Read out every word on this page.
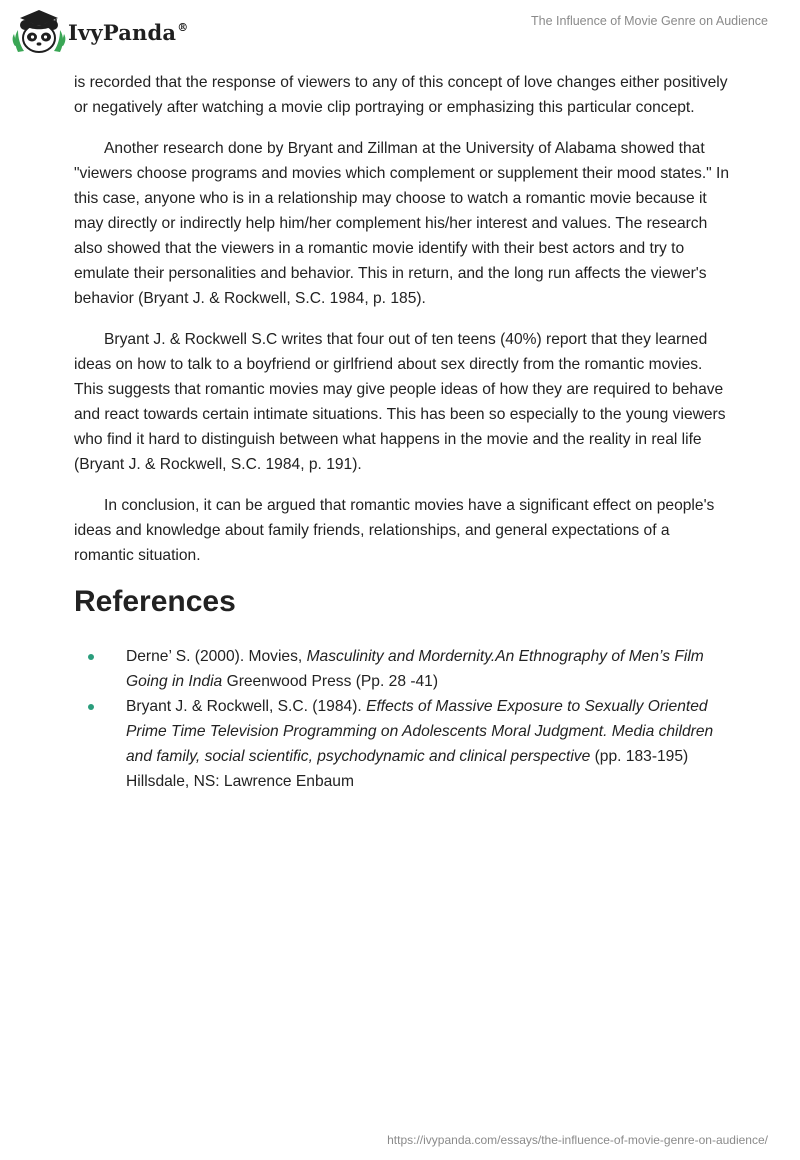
IvyPanda®	The Influence of Movie Genre on Audience

is recorded that the response of viewers to any of this concept of love changes either positively or negatively after watching a movie clip portraying or emphasizing this particular concept.

Another research done by Bryant and Zillman at the University of Alabama showed that "viewers choose programs and movies which complement or supplement their mood states." In this case, anyone who is in a relationship may choose to watch a romantic movie because it may directly or indirectly help him/her complement his/her interest and values. The research also showed that the viewers in a romantic movie identify with their best actors and try to emulate their personalities and behavior. This in return, and the long run affects the viewer's behavior (Bryant J. & Rockwell, S.C. 1984, p. 185).

Bryant J. & Rockwell S.C writes that four out of ten teens (40%) report that they learned ideas on how to talk to a boyfriend or girlfriend about sex directly from the romantic movies. This suggests that romantic movies may give people ideas of how they are required to behave and react towards certain intimate situations. This has been so especially to the young viewers who find it hard to distinguish between what happens in the movie and the reality in real life (Bryant J. & Rockwell, S.C. 1984, p. 191).

In conclusion, it can be argued that romantic movies have a significant effect on people's ideas and knowledge about family friends, relationships, and general expectations of a romantic situation.

References
Derne’ S. (2000). Movies, Masculinity and Mordernity.An Ethnography of Men’s Film Going in India Greenwood Press (Pp. 28 -41)
Bryant J. & Rockwell, S.C. (1984). Effects of Massive Exposure to Sexually Oriented Prime Time Television Programming on Adolescents Moral Judgment. Media children and family, social scientific, psychodynamic and clinical perspective (pp. 183-195) Hillsdale, NS: Lawrence Enbaum
https://ivypanda.com/essays/the-influence-of-movie-genre-on-audience/
